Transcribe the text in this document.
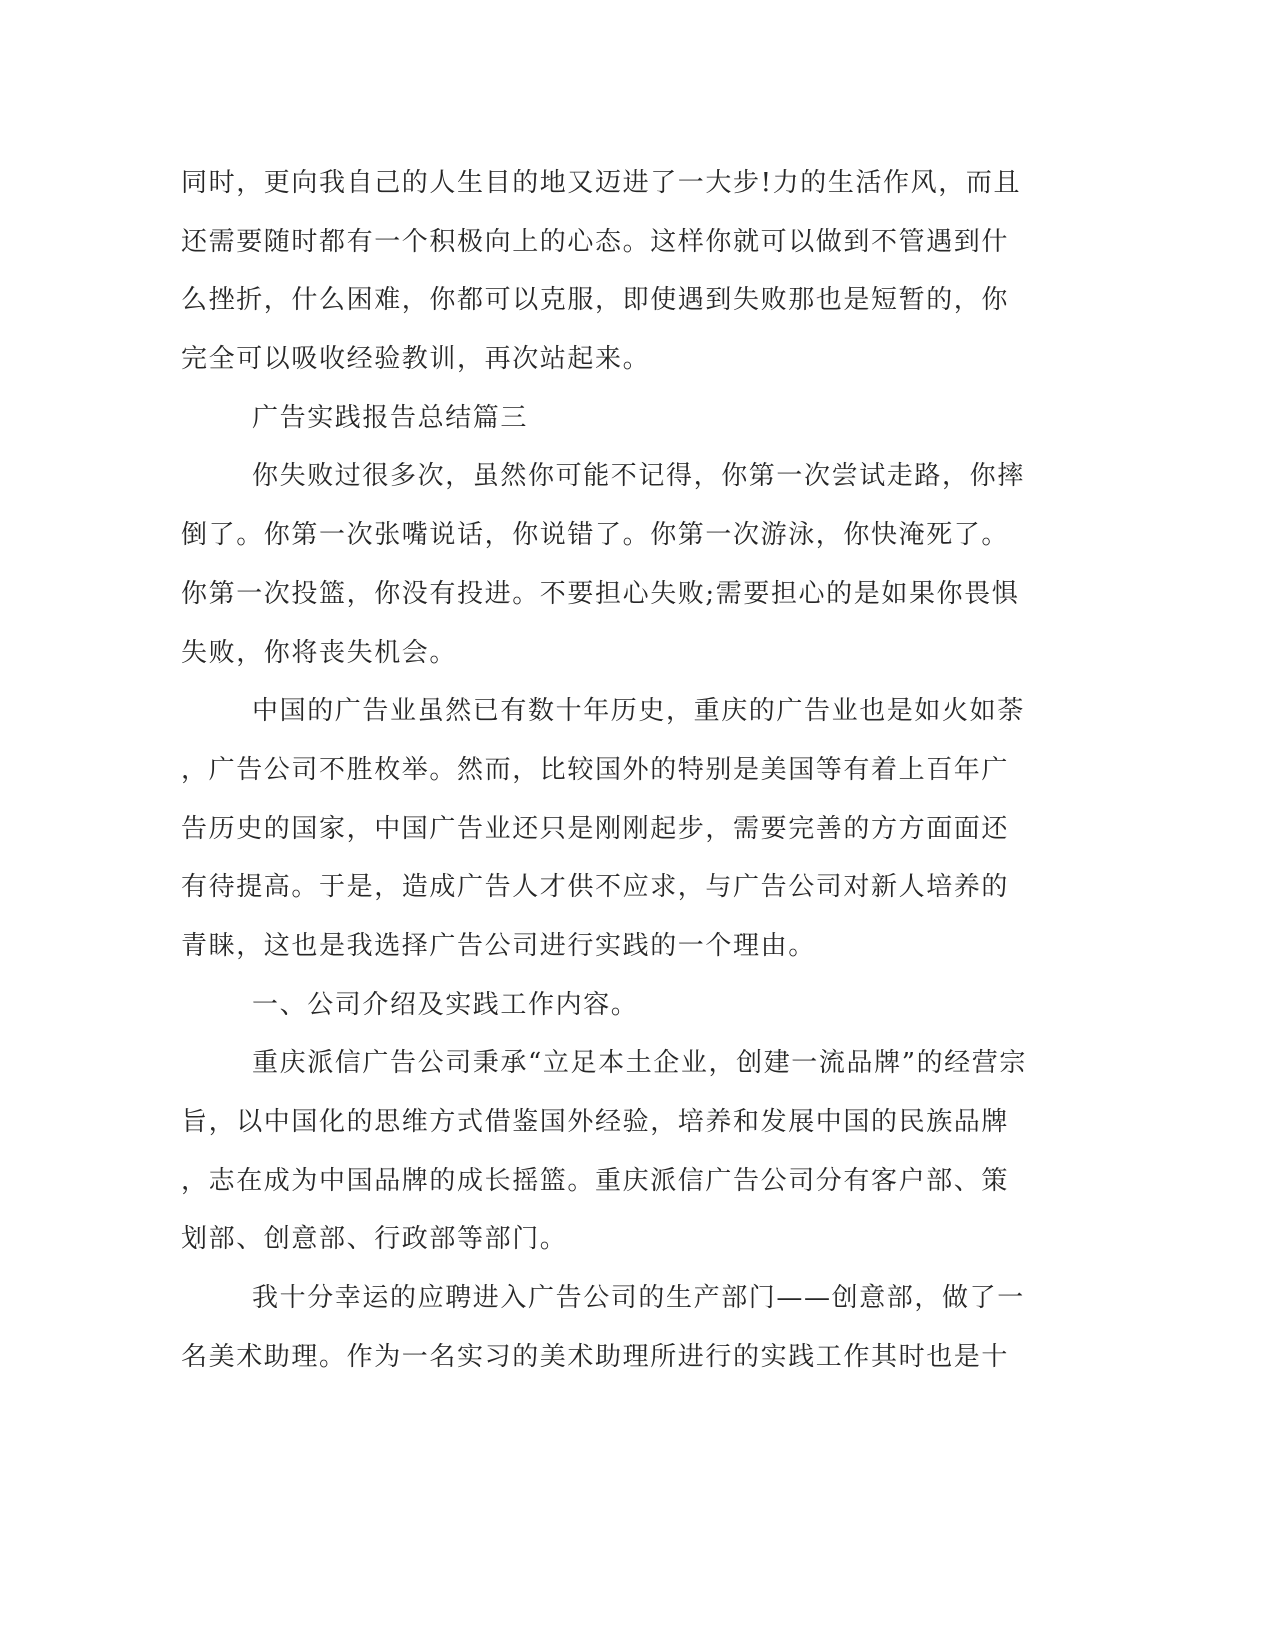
同时，更向我自己的人生目的地又迈进了一大步!力的生活作风，而且
还需要随时都有一个积极向上的心态。这样你就可以做到不管遇到什
么挫折，什么困难，你都可以克服，即使遇到失败那也是短暂的，你
完全可以吸收经验教训，再次站起来。
广告实践报告总结篇三
你失败过很多次，虽然你可能不记得，你第一次尝试走路，你摔
倒了。你第一次张嘴说话，你说错了。你第一次游泳，你快淹死了。
你第一次投篮，你没有投进。不要担心失败;需要担心的是如果你畏惧
失败，你将丧失机会。
中国的广告业虽然已有数十年历史，重庆的广告业也是如火如荼
，广告公司不胜枚举。然而，比较国外的特别是美国等有着上百年广
告历史的国家，中国广告业还只是刚刚起步，需要完善的方方面面还
有待提高。于是，造成广告人才供不应求，与广告公司对新人培养的
青睐，这也是我选择广告公司进行实践的一个理由。
一、公司介绍及实践工作内容。
重庆派信广告公司秉承“立足本土企业，创建一流品牌”的经营宗
旨，以中国化的思维方式借鉴国外经验，培养和发展中国的民族品牌
，志在成为中国品牌的成长摇篮。重庆派信广告公司分有客户部、策
划部、创意部、行政部等部门。
我十分幸运的应聘进入广告公司的生产部门——创意部，做了一
名美术助理。作为一名实习的美术助理所进行的实践工作其时也是十
